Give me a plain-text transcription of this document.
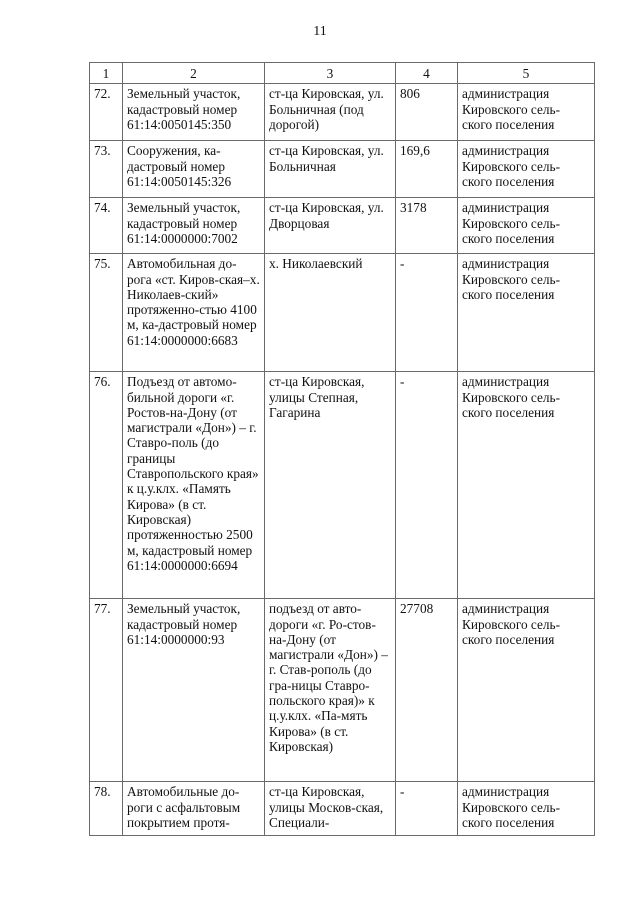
11
1	2	3	4	5
72.	Земельный участок, кадастровый номер 61:14:0050145:350	ст-ца Кировская, ул. Больничная (под дорогой)	806	администрация Кировского сель-ского поселения
73.	Сооружения, ка-дастровый номер 61:14:0050145:326	ст-ца Кировская, ул. Больничная	169,6	администрация Кировского сель-ского поселения
74.	Земельный участок, кадастровый номер 61:14:0000000:7002	ст-ца Кировская, ул. Дворцовая	3178	администрация Кировского сель-ского поселения
75.	Автомобильная до-рога «ст. Киров-ская–х. Николаев-ский» протяженно-стью 4100 м, ка-дастровый номер 61:14:0000000:6683	х. Николаевский	-	администрация Кировского сель-ского поселения
76.	Подъезд от автомо-бильной дороги «г. Ростов-на-Дону (от магистрали «Дон») – г. Ставро-поль (до границы Ставропольского края» к ц.у.клх. «Память Кирова» (в ст. Кировская) протяженностью 2500 м, кадастровый номер 61:14:0000000:6694	ст-ца Кировская, улицы Степная, Гагарина	-	администрация Кировского сель-ского поселения
77.	Земельный участок, кадастровый номер 61:14:0000000:93	подъезд от авто-дороги «г. Ро-стов-на-Дону (от магистрали «Дон») – г. Став-рополь (до гра-ницы Ставро-польского края)» к ц.у.клх. «Па-мять Кирова» (в ст. Кировская)	27708	администрация Кировского сель-ского поселения
78.	Автомобильные до-роги с асфальтовым покрытием протя-	ст-ца Кировская, улицы Москов-ская, Специали-	-	администрация Кировского сель-ского поселения
